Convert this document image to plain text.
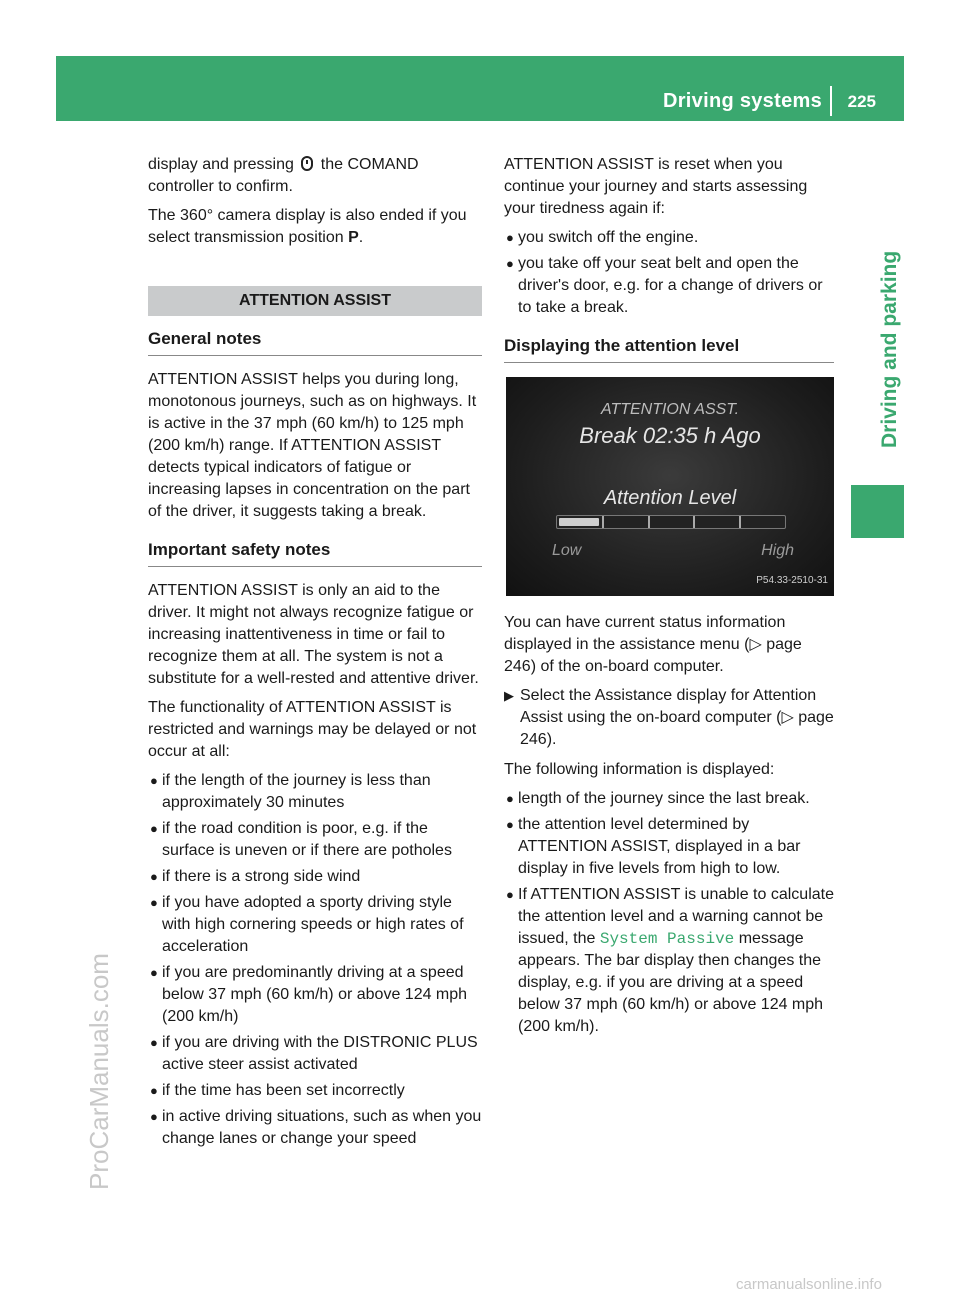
Driving systems 225
Driving and parking
ProCarManuals.com
carmanualsonline.info

display and pressing the COMAND controller to confirm.

The 360° camera display is also ended if you select transmission position P.

ATTENTION ASSIST
General notes

ATTENTION ASSIST helps you during long, monotonous journeys, such as on highways. It is active in the 37 mph (60 km/h) to 125 mph (200 km/h) range. If ATTENTION ASSIST detects typical indicators of fatigue or increasing lapses in concentration on the part of the driver, it suggests taking a break.

Important safety notes

ATTENTION ASSIST is only an aid to the driver. It might not always recognize fatigue or increasing inattentiveness in time or fail to recognize them at all. The system is not a substitute for a well-rested and attentive driver.

The functionality of ATTENTION ASSIST is restricted and warnings may be delayed or not occur at all:

● if the length of the journey is less than approximately 30 minutes
● if the road condition is poor, e.g. if the surface is uneven or if there are potholes
● if there is a strong side wind
● if you have adopted a sporty driving style with high cornering speeds or high rates of acceleration
● if you are predominantly driving at a speed below 37 mph (60 km/h) or above 124 mph (200 km/h)
● if you are driving with the DISTRONIC PLUS active steer assist activated
● if the time has been set incorrectly
● in active driving situations, such as when you change lanes or change your speed

ATTENTION ASSIST is reset when you continue your journey and starts assessing your tiredness again if:

● you switch off the engine.
● you take off your seat belt and open the driver's door, e.g. for a change of drivers or to take a break.
Displaying the attention level
ATTENTION ASST.
Break 02:35 h Ago
Attention Level
Low	High
P54.33-2510-31

You can have current status information displayed in the assistance menu (▷ page 246) of the on-board computer.

▶ Select the Assistance display for Attention Assist using the on-board computer (▷ page 246).

The following information is displayed:

● length of the journey since the last break.
● the attention level determined by ATTENTION ASSIST, displayed in a bar display in five levels from high to low.
● If ATTENTION ASSIST is unable to calculate the attention level and a warning cannot be issued, the System Passive message appears. The bar display then changes the display, e.g. if you are driving at a speed below 37 mph (60 km/h) or above 124 mph (200 km/h).
